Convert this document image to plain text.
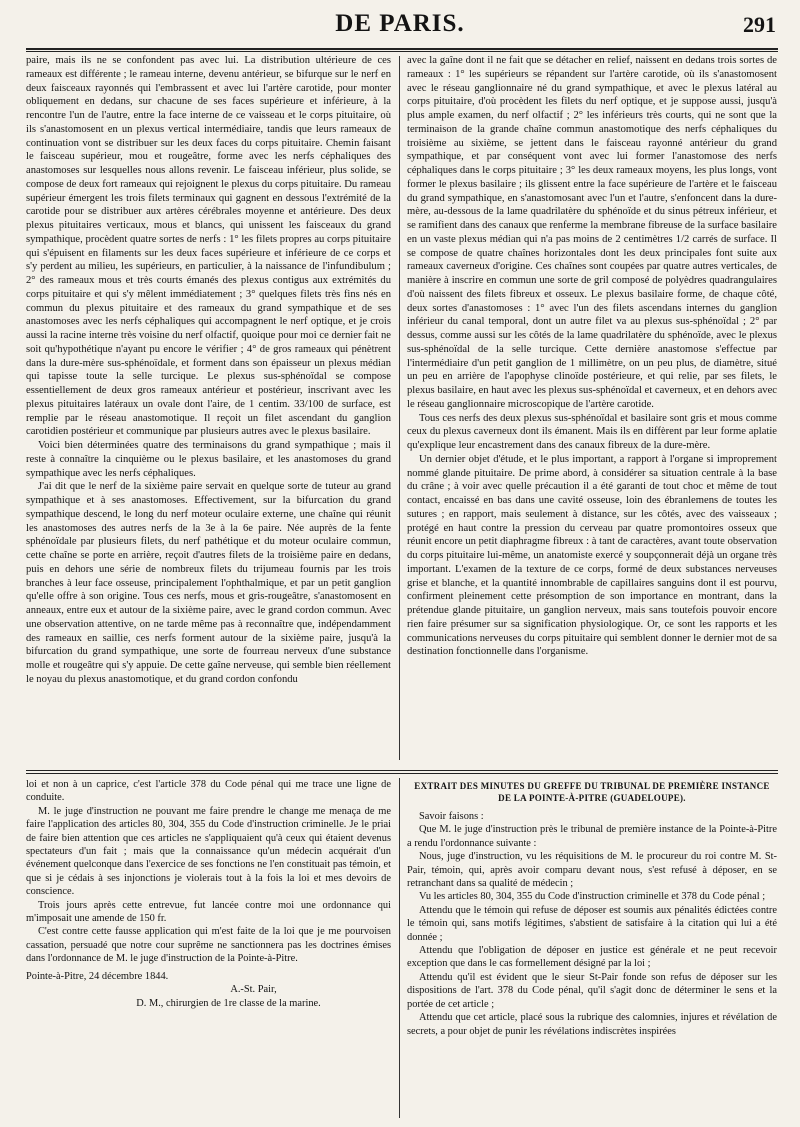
DE PARIS.	291

paire, mais ils ne se confondent pas avec lui. La distribution ultérieure de ces rameaux est différente ; le rameau interne, devenu antérieur, se bifurque sur le nerf en deux faisceaux rayonnés qui l'embrassent et avec lui l'artère carotide, pour monter obliquement en dedans, sur chacune de ses faces supérieure et inférieure, à la rencontre l'un de l'autre, entre la face interne de ce vaisseau et le corps pituitaire, où ils s'anastomosent en un plexus vertical intermédiaire, tandis que leurs rameaux de continuation vont se distribuer sur les deux faces du corps pituitaire. Chemin faisant le faisceau supérieur, mou et rougeâtre, forme avec les nerfs céphaliques des anastomoses sur lesquelles nous allons revenir. Le faisceau inférieur, plus solide, se compose de deux fort rameaux qui rejoignent le plexus du corps pituitaire. Du rameau supérieur émergent les trois filets terminaux qui gagnent en dessous l'extrémité de la carotide pour se distribuer aux artères cérébrales moyenne et antérieure. Des deux plexus pituitaires verticaux, mous et blancs, qui unissent les faisceaux du grand sympathique, procèdent quatre sortes de nerfs : 1° les filets propres au corps pituitaire qui s'épuisent en filaments sur les deux faces supérieure et inférieure de ce corps et s'y perdent au milieu, les supérieurs, en particulier, à la naissance de l'infundibulum ; 2° des rameaux mous et très courts émanés des plexus contigus aux extrémités du corps pituitaire et qui s'y mêlent immédiatement ; 3° quelques filets très fins nés en commun du plexus pituitaire et des rameaux du grand sympathique et de ses anastomoses avec les nerfs céphaliques qui accompagnent le nerf optique, et je crois aussi la racine interne très voisine du nerf olfactif, quoique pour moi ce dernier fait ne soit qu'hypothétique n'ayant pu encore le vérifier ; 4° de gros rameaux qui pénètrent dans la dure-mère sus-sphénoïdale, et forment dans son épaisseur un plexus médian qui tapisse toute la selle turcique. Le plexus sus-sphénoïdal se compose essentiellement de deux gros rameaux antérieur et postérieur, inscrivant avec les plexus pituitaires latéraux un ovale dont l'aire, de 1 centim. 33/100 de surface, est remplie par le réseau anastomotique. Il reçoit un filet ascendant du ganglion carotidien postérieur et communique par plusieurs autres avec le plexus basilaire.

Voici bien déterminées quatre des terminaisons du grand sympathique ; mais il reste à connaître la cinquième ou le plexus basilaire, et les anastomoses du grand sympathique avec les nerfs céphaliques.

J'ai dit que le nerf de la sixième paire servait en quelque sorte de tuteur au grand sympathique et à ses anastomoses. Effectivement, sur la bifurcation du grand sympathique descend, le long du nerf moteur oculaire externe, une chaîne qui réunit les anastomoses des autres nerfs de la 3e à la 6e paire. Née auprès de la fente sphénoïdale par plusieurs filets, du nerf pathétique et du moteur oculaire commun, cette chaîne se porte en arrière, reçoit d'autres filets de la troisième paire en dedans, puis en dehors une série de nombreux filets du trijumeau fournis par les trois branches à leur face osseuse, principalement l'ophthalmique, et par un petit ganglion qu'elle offre à son origine. Tous ces nerfs, mous et gris-rougeâtre, s'anastomosent en anneaux, entre eux et autour de la sixième paire, avec le grand cordon commun. Avec une observation attentive, on ne tarde même pas à reconnaître que, indépendamment des rameaux en saillie, ces nerfs forment autour de la sixième paire, jusqu'à la bifurcation du grand sympathique, une sorte de fourreau nerveux d'une substance molle et rougeâtre qui s'y appuie. De cette gaîne nerveuse, qui semble bien réellement le noyau du plexus anastomotique, et du grand cordon confondu

avec la gaîne dont il ne fait que se détacher en relief, naissent en dedans trois sortes de rameaux : 1° les supérieurs se répandent sur l'artère carotide, où ils s'anastomosent avec le réseau ganglionnaire né du grand sympathique, et avec le plexus latéral au corps pituitaire, d'où procèdent les filets du nerf optique, et je suppose aussi, jusqu'à plus ample examen, du nerf olfactif ; 2° les inférieurs très courts, qui ne sont que la terminaison de la grande chaîne commun anastomotique des nerfs céphaliques du troisième au sixième, se jettent dans le faisceau rayonné antérieur du grand sympathique, et par conséquent vont avec lui former l'anastomose des nerfs céphaliques dans le corps pituitaire ; 3° les deux rameaux moyens, les plus longs, vont former le plexus basilaire ; ils glissent entre la face supérieure de l'artère et le faisceau du grand sympathique, en s'anastomosant avec l'un et l'autre, s'enfoncent dans la dure-mère, au-dessous de la lame quadrilatère du sphénoïde et du sinus pétreux inférieur, et se ramifient dans des canaux que renferme la membrane fibreuse de la surface basilaire en un vaste plexus médian qui n'a pas moins de 2 centimètres 1/2 carrés de surface. Il se compose de quatre chaînes horizontales dont les deux principales font suite aux rameaux caverneux d'origine. Ces chaînes sont coupées par quatre autres verticales, de manière à inscrire en commun une sorte de gril composé de polyèdres quadrangulaires d'où naissent des filets fibreux et osseux. Le plexus basilaire forme, de chaque côté, deux sortes d'anastomoses : 1° avec l'un des filets ascendans internes du ganglion inférieur du canal temporal, dont un autre filet va au plexus sus-sphénoïdal ; 2° par dessus, comme aussi sur les côtés de la lame quadrilatère du sphénoïde, avec le plexus sus-sphénoïdal de la selle turcique. Cette dernière anastomose s'effectue par l'intermédiaire d'un petit ganglion de 1 millimètre, on un peu plus, de diamètre, situé un peu en arrière de l'apophyse clinoïde postérieure, et qui relie, par ses filets, le plexus basilaire, en haut avec les plexus sus-sphénoïdal et caverneux, et en dehors avec le réseau ganglionnaire microscopique de l'artère carotide.

Tous ces nerfs des deux plexus sus-sphénoïdal et basilaire sont gris et mous comme ceux du plexus caverneux dont ils émanent. Mais ils en diffèrent par leur forme aplatie qu'explique leur encastrement dans des canaux fibreux de la dure-mère.

Un dernier objet d'étude, et le plus important, a rapport à l'organe si improprement nommé glande pituitaire. De prime abord, à considérer sa situation centrale à la base du crâne ; à voir avec quelle précaution il a été garanti de tout choc et même de tout contact, encaissé en bas dans une cavité osseuse, loin des ébranlemens de toutes les sutures ; en rapport, mais seulement à distance, sur les côtés, avec des vaisseaux ; protégé en haut contre la pression du cerveau par quatre promontoires osseux que réunit encore un petit diaphragme fibreux : à tant de caractères, avant toute observation du corps pituitaire lui-même, un anatomiste exercé y soupçonnerait déjà un organe très important. L'examen de la texture de ce corps, formé de deux substances nerveuses grise et blanche, et la quantité innombrable de capillaires sanguins dont il est pourvu, confirment pleinement cette présomption de son importance en montrant, dans la prétendue glande pituitaire, un ganglion nerveux, mais sans toutefois pouvoir encore rien faire présumer sur sa signification physiologique. Or, ce sont les rapports et les communications nerveuses du corps pituitaire qui semblent donner le dernier mot de sa destination fonctionnelle dans l'organisme.

loi et non à un caprice, c'est l'article 378 du Code pénal qui me trace une ligne de conduite.

M. le juge d'instruction ne pouvant me faire prendre le change me menaça de me faire l'application des articles 80, 304, 355 du Code d'instruction criminelle. Je le priai de faire bien attention que ces articles ne s'appliquaient qu'à ceux qui étaient devenus spectateurs d'un fait ; mais que la connaissance qu'un médecin acquérait d'un événement quelconque dans l'exercice de ses fonctions ne l'en constituait pas témoin, et que si je cédais à ses injonctions je violerais tout à la fois la loi et mes devoirs de conscience.

Trois jours après cette entrevue, fut lancée contre moi une ordonnance qui m'imposait une amende de 150 fr.

C'est contre cette fausse application qui m'est faite de la loi que je me pourvoisen cassation, persuadé que notre cour suprême ne sanctionnera pas les doctrines émises dans l'ordonnance de M. le juge d'instruction de la Pointe-à-Pitre.

Pointe-à-Pitre, 24 décembre 1844.
A.-St. Pair,
D. M., chirurgien de 1re classe de la marine.
EXTRAIT DES MINUTES DU GREFFE DU TRIBUNAL DE PREMIÈRE INSTANCE DE LA POINTE-À-PITRE (GUADELOUPE).

Savoir faisons :

Que M. le juge d'instruction près le tribunal de première instance de la Pointe-à-Pitre a rendu l'ordonnance suivante :

Nous, juge d'instruction, vu les réquisitions de M. le procureur du roi contre M. St-Pair, témoin, qui, après avoir comparu devant nous, s'est refusé à déposer, en se retranchant dans sa qualité de médecin ;

Vu les articles 80, 304, 355 du Code d'instruction criminelle et 378 du Code pénal ;

Attendu que le témoin qui refuse de déposer est soumis aux pénalités édictées contre le témoin qui, sans motifs légitimes, s'abstient de satisfaire à la citation qui lui a été donnée ;

Attendu que l'obligation de déposer en justice est générale et ne peut recevoir exception que dans le cas formellement désigné par la loi ;

Attendu qu'il est évident que le sieur St-Pair fonde son refus de déposer sur les dispositions de l'art. 378 du Code pénal, qu'il s'agit donc de déterminer le sens et la portée de cet article ;

Attendu que cet article, placé sous la rubrique des calomnies, injures et révélation de secrets, a pour objet de punir les révélations indiscrètes inspirées
